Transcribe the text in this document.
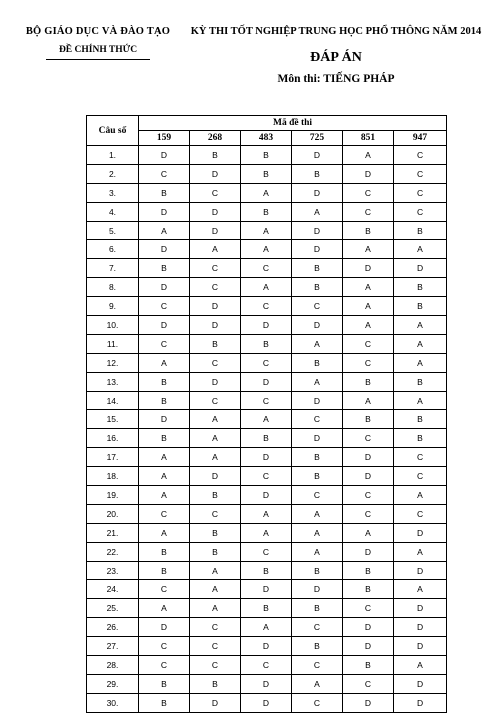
BỘ GIÁO DỤC VÀ ĐÀO TẠO
ĐỀ CHÍNH THỨC
KỲ THI TỐT NGHIỆP TRUNG HỌC PHỔ THÔNG NĂM 2014
ĐÁP ÁN
Môn thi: TIẾNG PHÁP
Câu số	Mã đề thi					
	159	268	483	725	851	947
1.	D	B	B	D	A	C
2.	C	D	B	B	D	C
3.	B	C	A	D	C	C
4.	D	D	B	A	C	C
5.	A	D	A	D	B	B
6.	D	A	A	D	A	A
7.	B	C	C	B	D	D
8.	D	C	A	B	A	B
9.	C	D	C	C	A	B
10.	D	D	D	D	A	A
11.	C	B	B	A	C	A
12.	A	C	C	B	C	A
13.	B	D	D	A	B	B
14.	B	C	C	D	A	A
15.	D	A	A	C	B	B
16.	B	A	B	D	C	B
17.	A	A	D	B	D	C
18.	A	D	C	B	D	C
19.	A	B	D	C	C	A
20.	C	C	A	A	C	C
21.	A	B	A	A	A	D
22.	B	B	C	A	D	A
23.	B	A	B	B	B	D
24.	C	A	D	D	B	A
25.	A	A	B	B	C	D
26.	D	C	A	C	D	D
27.	C	C	D	B	D	D
28.	C	C	C	C	B	A
29.	B	B	D	A	C	D
30.	B	D	D	C	D	D
